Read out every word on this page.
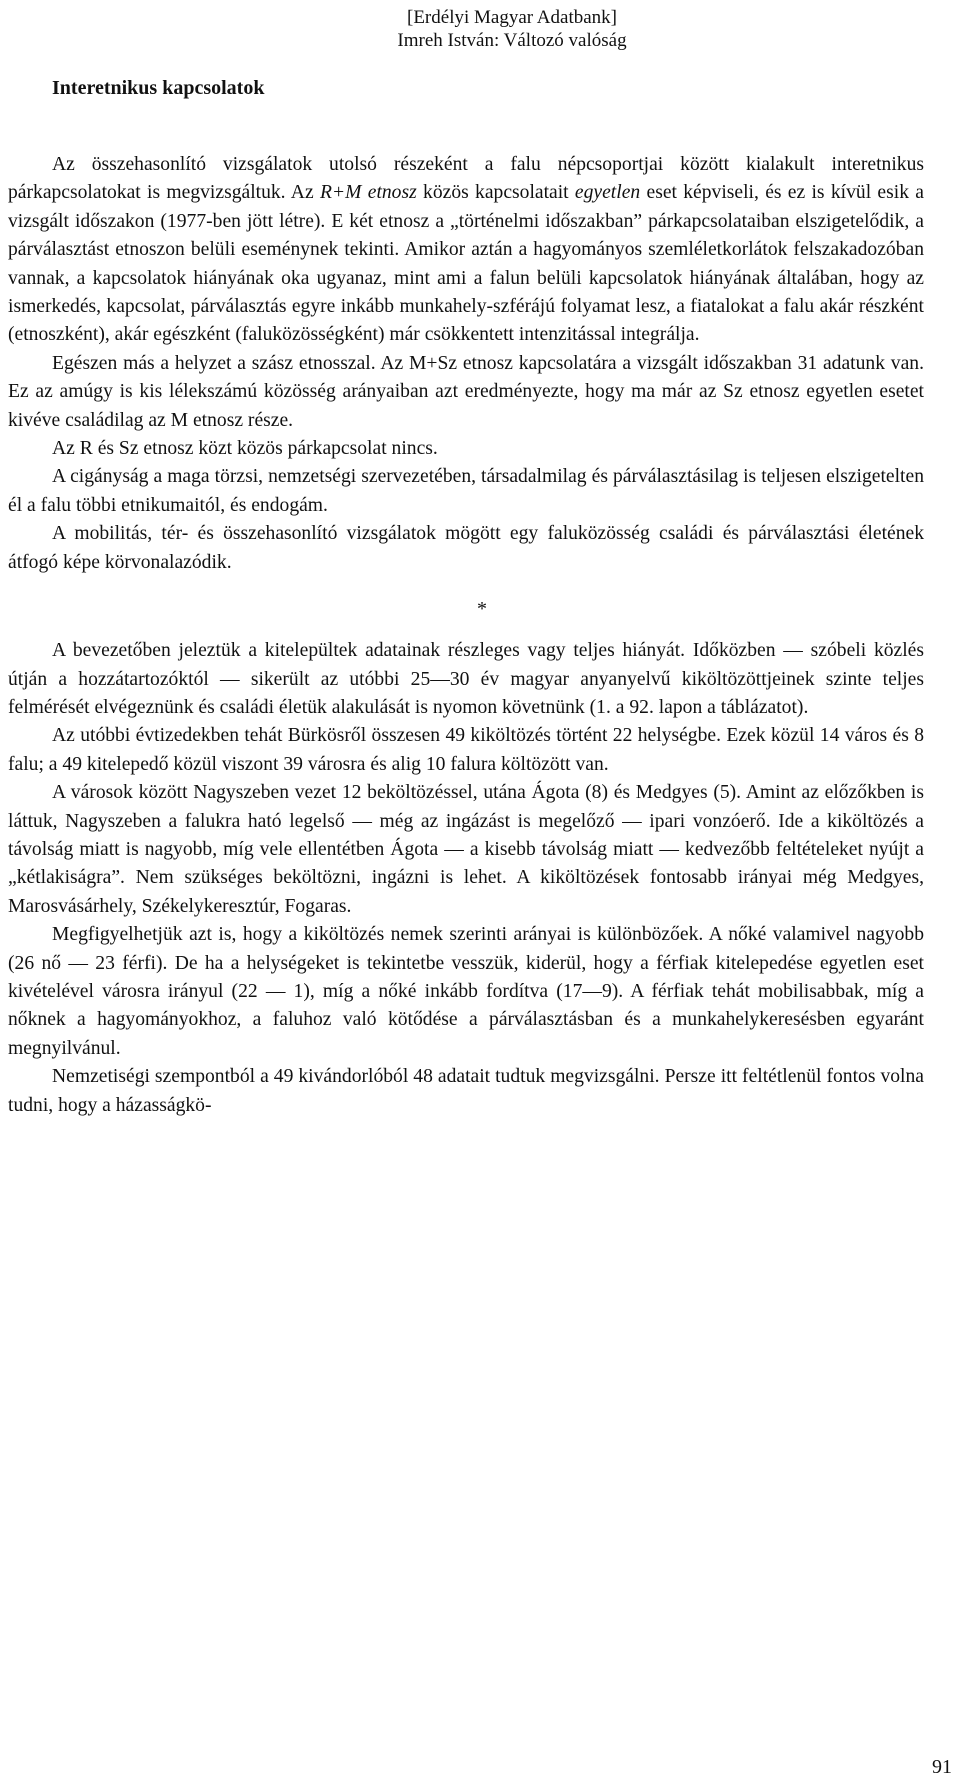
[Erdélyi Magyar Adatbank]
Imreh István: Változó valóság
Interetnikus kapcsolatok

Az összehasonlító vizsgálatok utolsó részeként a falu népcsoportjai között kialakult interetnikus párkapcsolatokat is megvizsgáltuk. Az R+M etnosz közös kapcsolatait egyetlen eset képviseli, és ez is kívül esik a vizsgált időszakon (1977-ben jött létre). E két etnosz a „történelmi időszakban” párkapcsolataiban elszigetelődik, a párválasztást etnoszon belüli eseménynek tekinti. Amikor aztán a hagyományos szemléletkorlátok felszakadozóban vannak, a kapcsolatok hiányának oka ugyanaz, mint ami a falun belüli kapcsolatok hiányának általában, hogy az ismerkedés, kapcsolat, párválasztás egyre inkább munkahely-szférájú folyamat lesz, a fiatalokat a falu akár részként (etnoszként), akár egészként (faluközösségként) már csökkentett intenzitással integrálja.

Egészen más a helyzet a szász etnosszal. Az M+Sz etnosz kapcsolatára a vizsgált időszakban 31 adatunk van. Ez az amúgy is kis lélekszámú közösség arányaiban azt eredményezte, hogy ma már az Sz etnosz egyetlen esetet kivéve családilag az M etnosz része.

Az R és Sz etnosz közt közös párkapcsolat nincs.

A cigányság a maga törzsi, nemzetségi szervezetében, társadalmilag és párválasztásilag is teljesen elszigetelten él a falu többi etnikumaitól, és endogám.

A mobilitás, tér- és összehasonlító vizsgálatok mögött egy faluközösség családi és párválasztási életének átfogó képe körvonalazódik.

*

A bevezetőben jeleztük a kitelepültek adatainak részleges vagy teljes hiányát. Időközben — szóbeli közlés útján a hozzátartozóktól — sikerült az utóbbi 25—30 év magyar anyanyelvű kiköltözöttjeinek szinte teljes felmérését elvégeznünk és családi életük alakulását is nyomon követnünk (1. a 92. lapon a táblázatot).

Az utóbbi évtizedekben tehát Bürkösről összesen 49 kiköltözés történt 22 helységbe. Ezek közül 14 város és 8 falu; a 49 kitelepedő közül viszont 39 városra és alig 10 falura költözött van.

A városok között Nagyszeben vezet 12 beköltözéssel, utána Ágota (8) és Medgyes (5). Amint az előzőkben is láttuk, Nagyszeben a falukra ható legelső — még az ingázást is megelőző — ipari vonzóerő. Ide a kiköltözés a távolság miatt is nagyobb, míg vele ellentétben Ágota — a kisebb távolság miatt — kedvezőbb feltételeket nyújt a „kétlakiságra”. Nem szükséges beköltözni, ingázni is lehet. A kiköltözések fontosabb irányai még Medgyes, Marosvásárhely, Székelykeresztúr, Fogaras.

Megfigyelhetjük azt is, hogy a kiköltözés nemek szerinti arányai is különbözőek. A nőké valamivel nagyobb (26 nő — 23 férfi). De ha a helységeket is tekintetbe vesszük, kiderül, hogy a férfiak kitelepedése egyetlen eset kivételével városra irányul (22 — 1), míg a nőké inkább fordítva (17—9). A férfiak tehát mobilisabbak, míg a nőknek a hagyományokhoz, a faluhoz való kötődése a párválasztásban és a munkahelykeresésben egyaránt megnyilvánul.

Nemzetiségi szempontból a 49 kivándorlóból 48 adatait tudtuk megvizsgálni. Persze itt feltétlenül fontos volna tudni, hogy a házasságkö-

91
